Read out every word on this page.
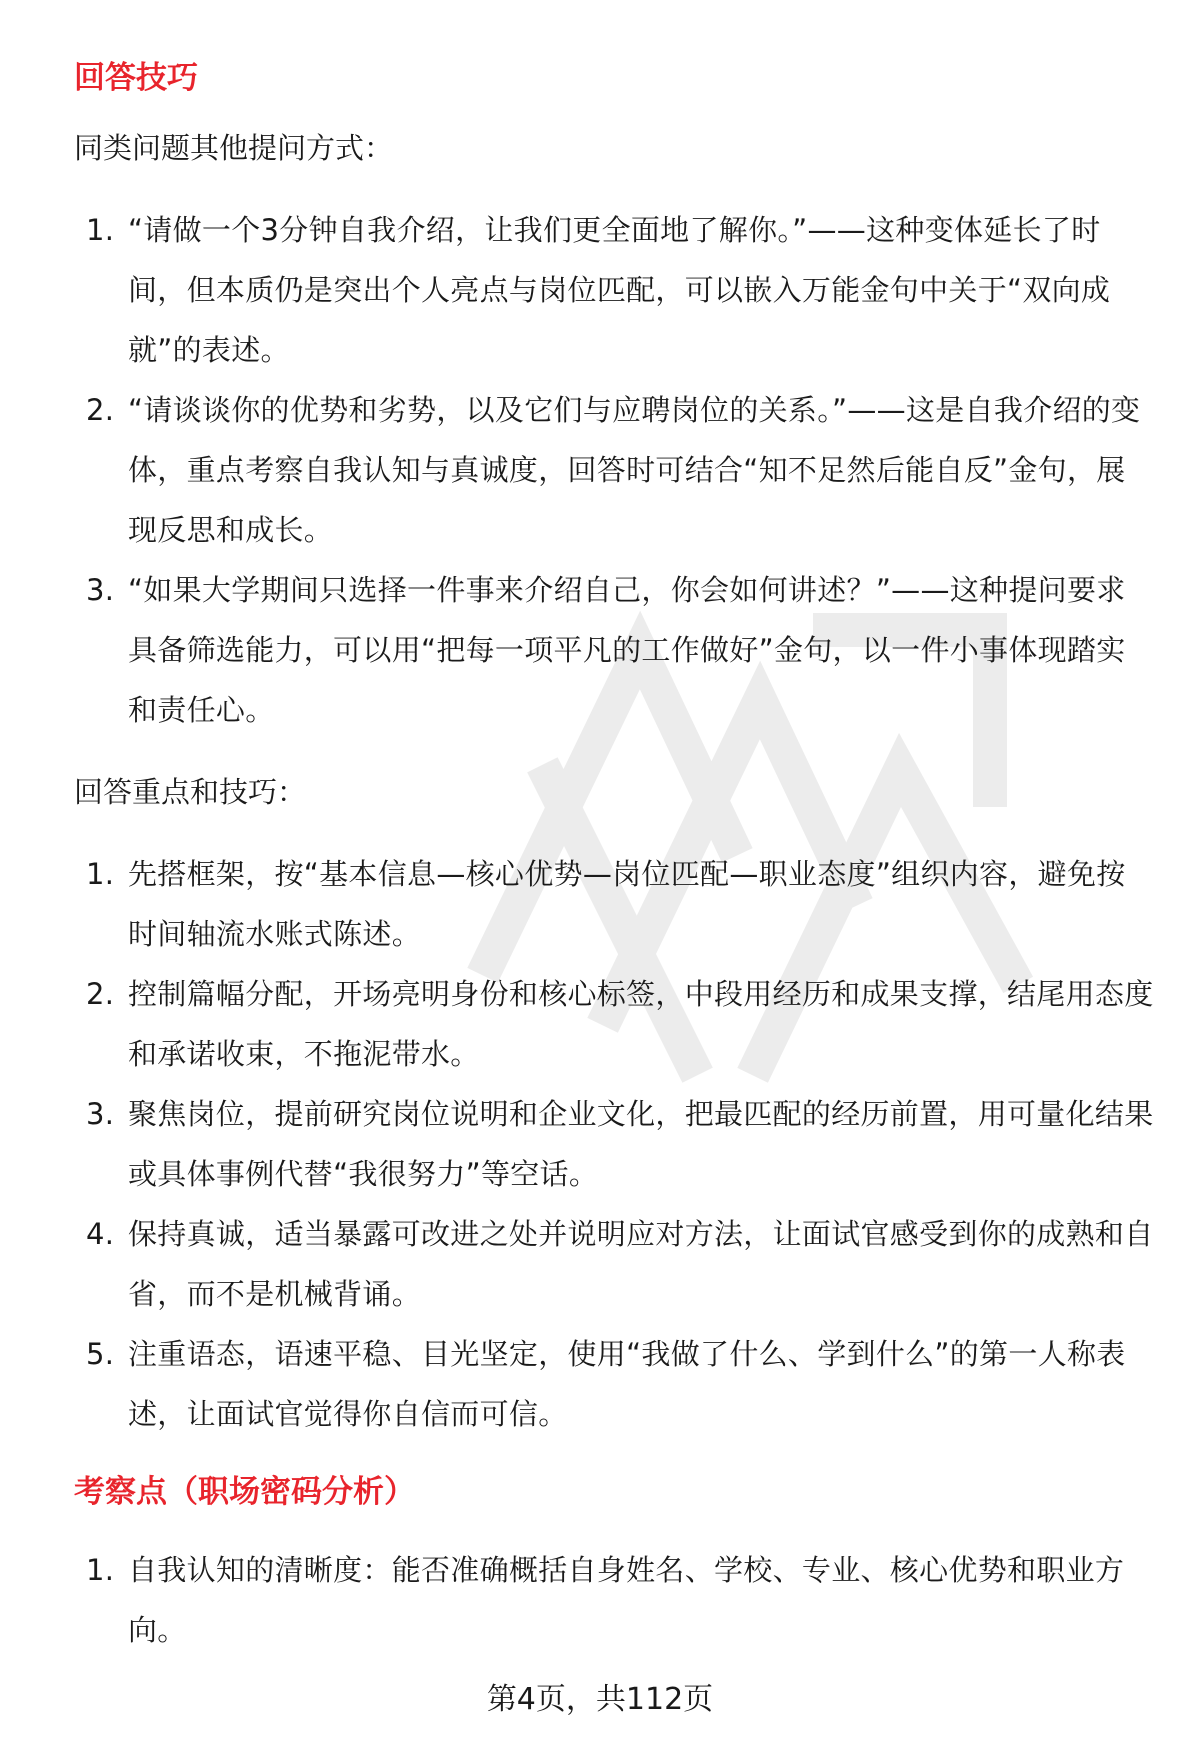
回答技巧

同类问题其他提问方式：

1. “请做一个3分钟自我介绍，让我们更全面地了解你。”——这种变体延长了时间，但本质仍是突出个人亮点与岗位匹配，可以嵌入万能金句中关于“双向成就”的表述。
2. “请谈谈你的优势和劣势，以及它们与应聘岗位的关系。”——这是自我介绍的变体，重点考察自我认知与真诚度，回答时可结合“知不足然后能自反”金句，展现反思和成长。
3. “如果大学期间只选择一件事来介绍自己，你会如何讲述？”——这种提问要求具备筛选能力，可以用“把每一项平凡的工作做好”金句，以一件小事体现踏实和责任心。

回答重点和技巧：

1. 先搭框架，按“基本信息—核心优势—岗位匹配—职业态度”组织内容，避免按时间轴流水账式陈述。
2. 控制篇幅分配，开场亮明身份和核心标签，中段用经历和成果支撑，结尾用态度和承诺收束，不拖泥带水。
3. 聚焦岗位，提前研究岗位说明和企业文化，把最匹配的经历前置，用可量化结果或具体事例代替“我很努力”等空话。
4. 保持真诚，适当暴露可改进之处并说明应对方法，让面试官感受到你的成熟和自省，而不是机械背诵。
5. 注重语态，语速平稳、目光坚定，使用“我做了什么、学到什么”的第一人称表述，让面试官觉得你自信而可信。
考察点（职场密码分析）
1. 自我认知的清晰度：能否准确概括自身姓名、学校、专业、核心优势和职业方向。
第4页，共112页
